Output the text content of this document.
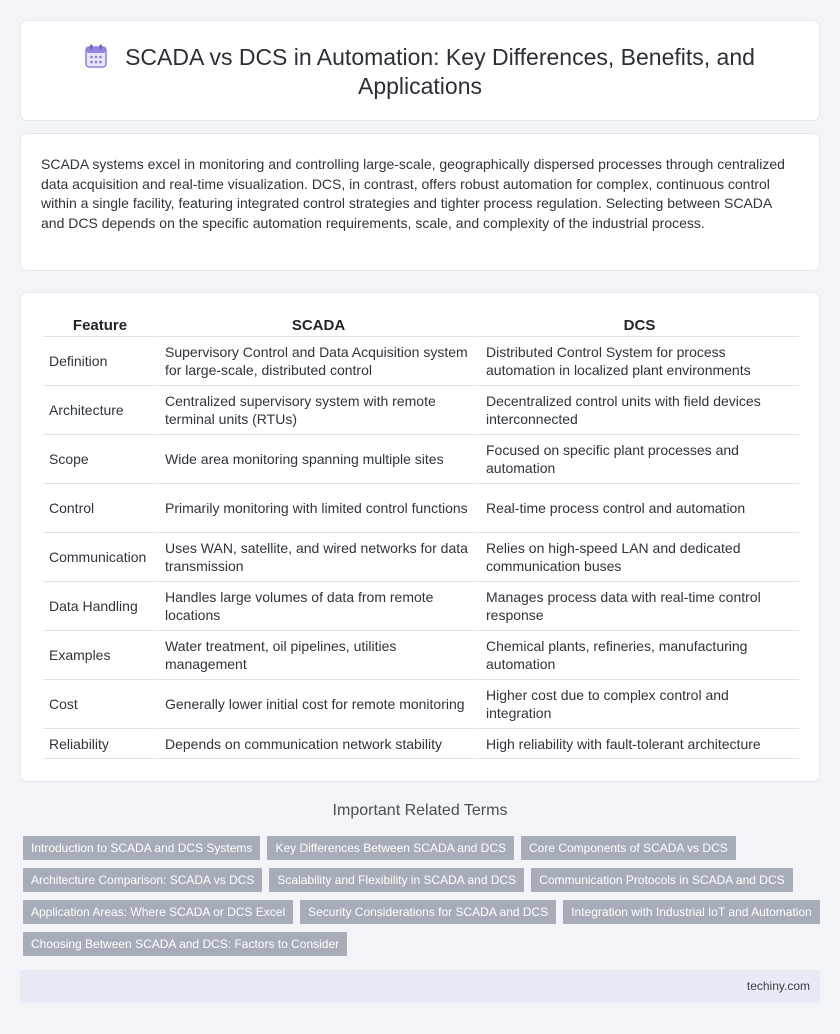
SCADA vs DCS in Automation: Key Differences, Benefits, and Applications

SCADA systems excel in monitoring and controlling large-scale, geographically dispersed processes through centralized data acquisition and real-time visualization. DCS, in contrast, offers robust automation for complex, continuous control within a single facility, featuring integrated control strategies and tighter process regulation. Selecting between SCADA and DCS depends on the specific automation requirements, scale, and complexity of the industrial process.

Feature	SCADA	DCS
Definition	Supervisory Control and Data Acquisition system for large-scale, distributed control	Distributed Control System for process automation in localized plant environments
Architecture	Centralized supervisory system with remote terminal units (RTUs)	Decentralized control units with field devices interconnected
Scope	Wide area monitoring spanning multiple sites	Focused on specific plant processes and automation
Control	Primarily monitoring with limited control functions	Real-time process control and automation
Communication	Uses WAN, satellite, and wired networks for data transmission	Relies on high-speed LAN and dedicated communication buses
Data Handling	Handles large volumes of data from remote locations	Manages process data with real-time control response
Examples	Water treatment, oil pipelines, utilities management	Chemical plants, refineries, manufacturing automation
Cost	Generally lower initial cost for remote monitoring	Higher cost due to complex control and integration
Reliability	Depends on communication network stability	High reliability with fault-tolerant architecture
Important Related Terms
Introduction to SCADA and DCS Systems Key Differences Between SCADA and DCS Core Components of SCADA vs DCS
Architecture Comparison: SCADA vs DCS Scalability and Flexibility in SCADA and DCS Communication Protocols in SCADA and DCS
Application Areas: Where SCADA or DCS Excel Security Considerations for SCADA and DCS Integration with Industrial IoT and Automation
Choosing Between SCADA and DCS: Factors to Consider
techiny.com
